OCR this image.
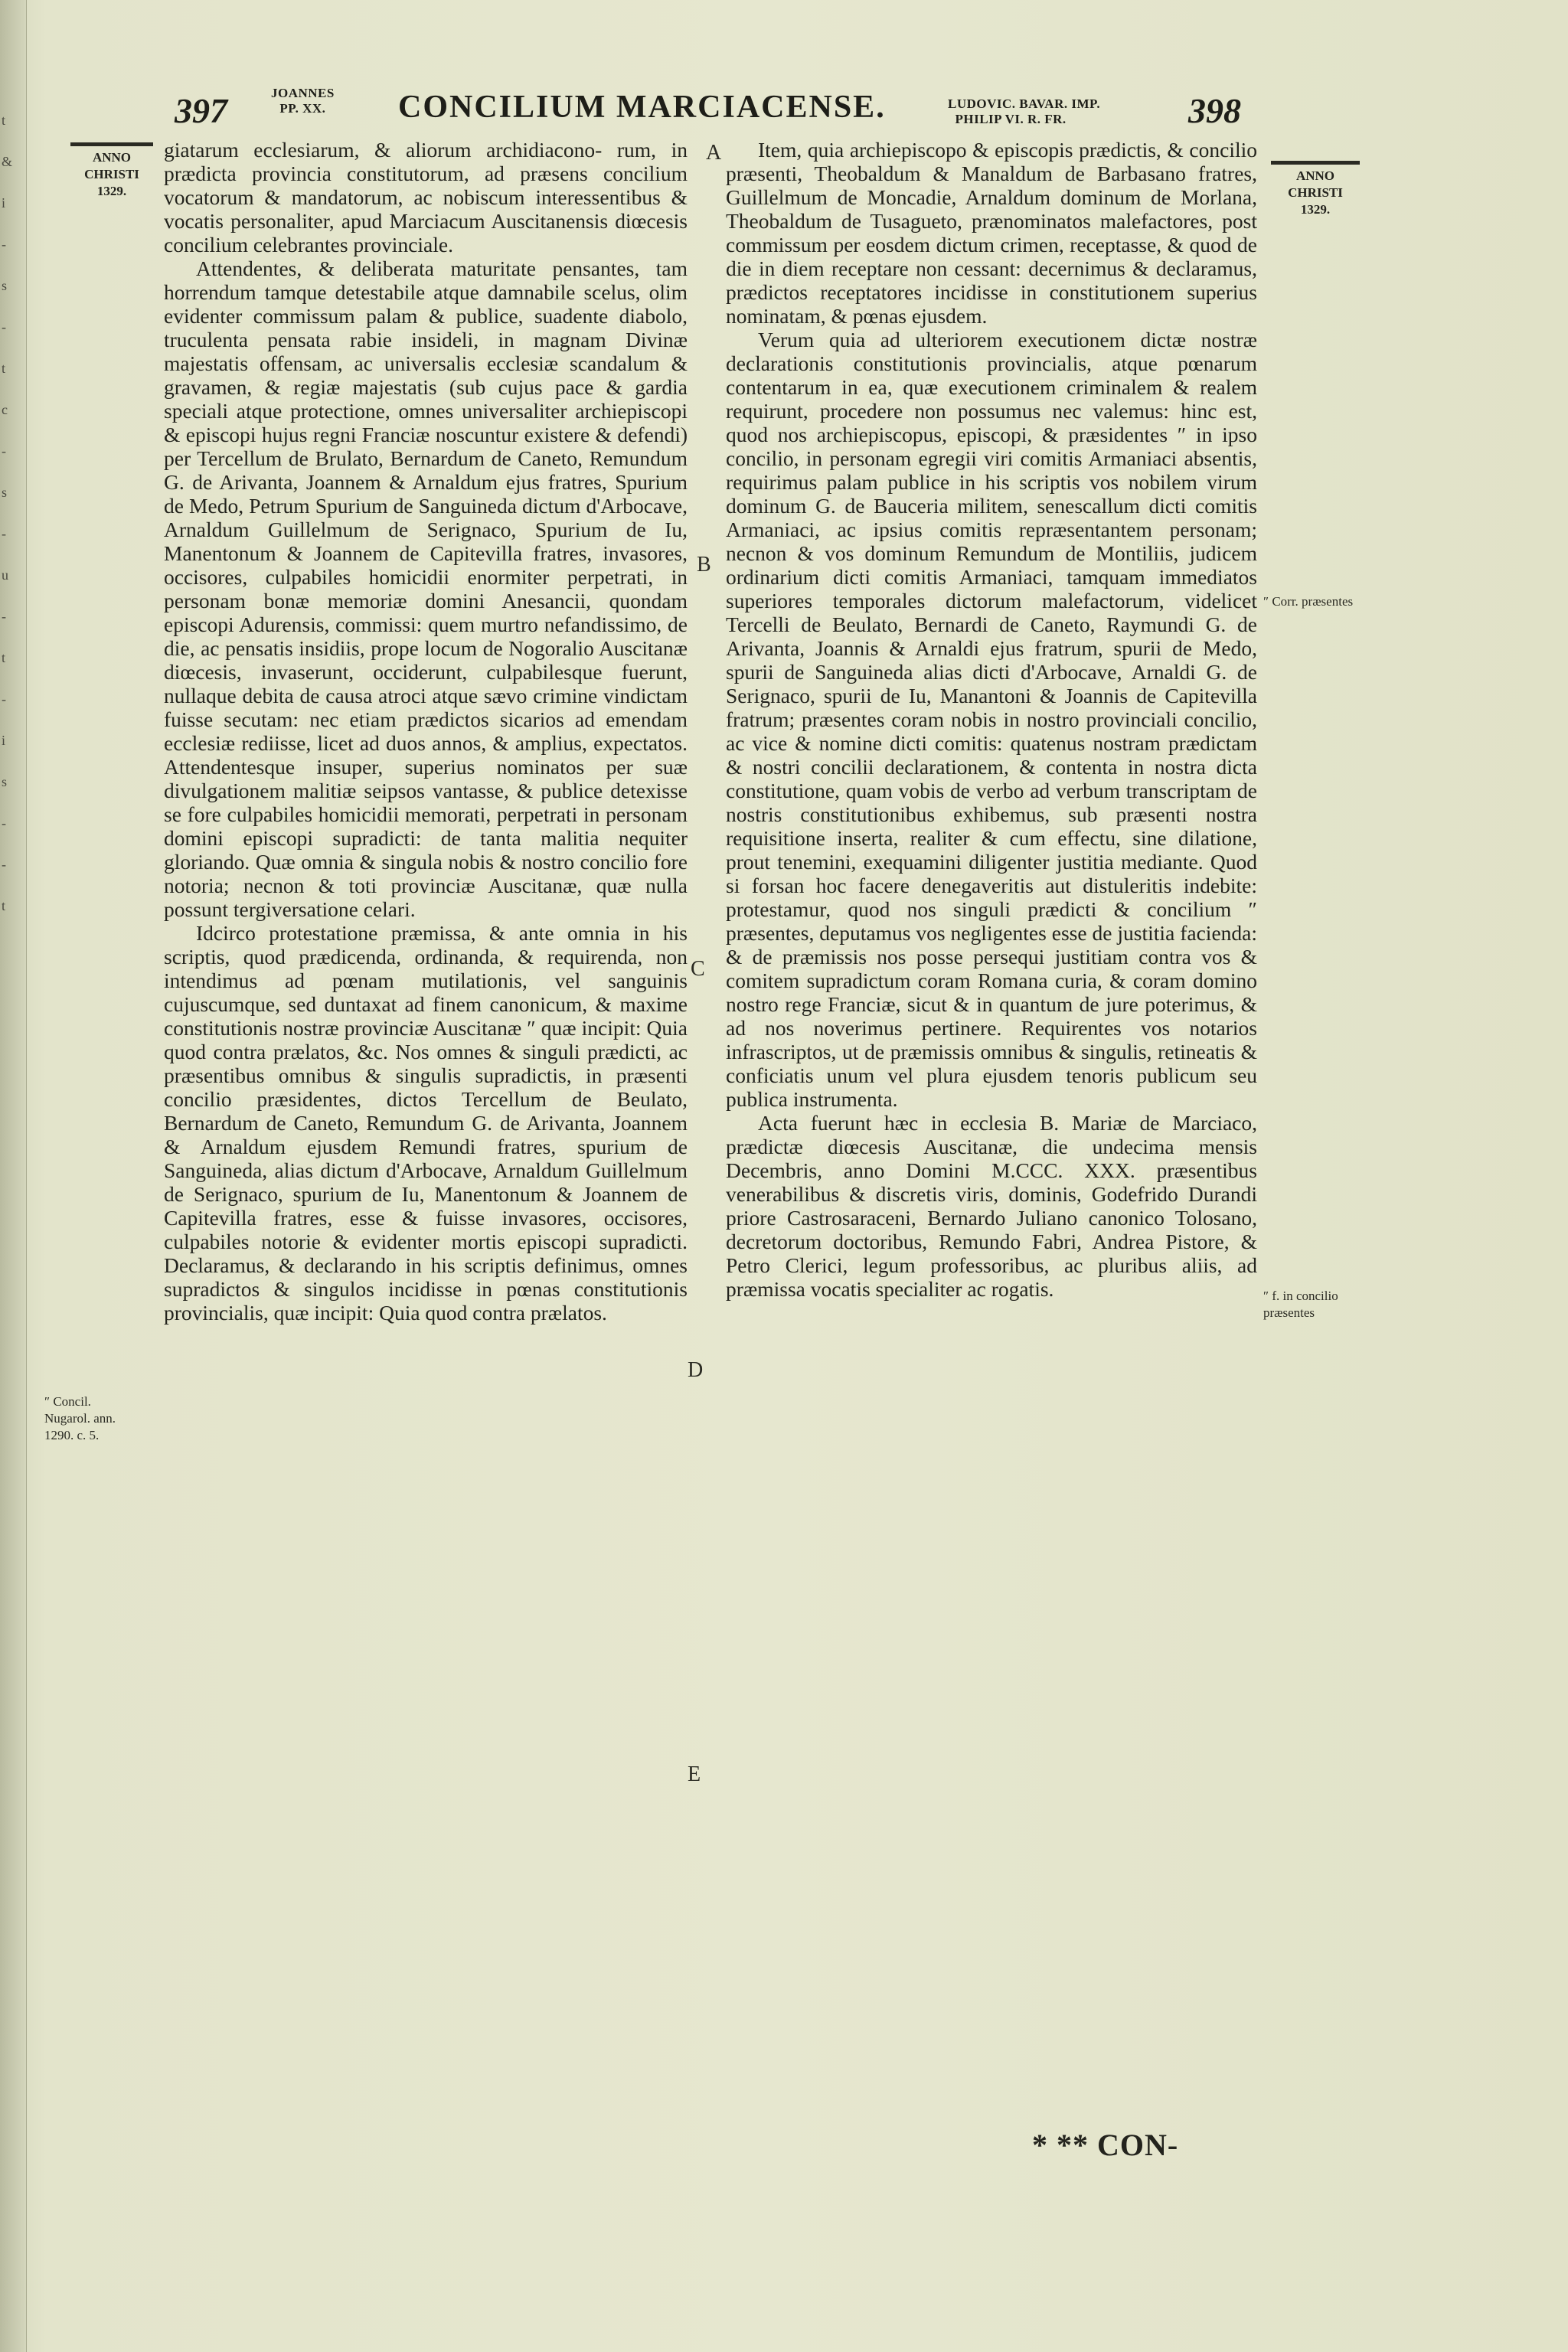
t
&
i
-
s
-
t
c
-
s
-
u
-
t
-
i
s
-
-
t
397	JOANNES
PP. XX. CONCILIUM MARCIACENSE.	LUDOVIC. BAVAR. IMP.
PHILIP VI. R. FR.	398
ANNO
CHRISTI
1329.
ANNO
CHRISTI
1329.

giatarum ecclesiarum, & aliorum archidiacono- rum, in prædicta provincia constitutorum, ad præsens concilium vocatorum & mandatorum, ac nobiscum interessentibus & vocatis personaliter, apud Marciacum Auscitanensis diœcesis concilium celebrantes provinciale.

Attendentes, & deliberata maturitate pensantes, tam horrendum tamque detestabile atque damnabile scelus, olim evidenter commissum palam & publice, suadente diabolo, truculenta pensata rabie insideli, in magnam Divinæ majestatis offensam, ac universalis ecclesiæ scandalum & gravamen, & regiæ majestatis (sub cujus pace & gardia speciali atque protectione, omnes universaliter archiepiscopi & episcopi hujus regni Franciæ noscuntur existere & defendi) per Tercellum de Brulato, Bernardum de Caneto, Remundum G. de Arivanta, Joannem & Arnaldum ejus fratres, Spurium de Medo, Petrum Spurium de Sanguineda dictum d'Arbocave, Arnaldum Guillelmum de Serignaco, Spurium de Iu, Manentonum & Joannem de Capitevilla fratres, invasores, occisores, culpabiles homicidii enormiter perpetrati, in personam bonæ memoriæ domini Anesancii, quondam episcopi Adurensis, commissi: quem murtro nefandissimo, de die, ac pensatis insidiis, prope locum de Nogoralio Auscitanæ diœcesis, invaserunt, occiderunt, culpabilesque fuerunt, nullaque debita de causa atroci atque sævo crimine vindictam fuisse secutam: nec etiam prædictos sicarios ad emendam ecclesiæ rediisse, licet ad duos annos, & amplius, expectatos. Attendentesque insuper, superius nominatos per suæ divulgationem malitiæ seipsos vantasse, & publice detexisse se fore culpabiles homicidii memorati, perpetrati in personam domini episcopi supradicti: de tanta malitia nequiter gloriando. Quæ omnia & singula nobis & nostro concilio fore notoria; necnon & toti provinciæ Auscitanæ, quæ nulla possunt tergiversatione celari.

Idcirco protestatione præmissa, & ante omnia in his scriptis, quod prædicenda, ordinanda, & requirenda, non intendimus ad pœnam mutilationis, vel sanguinis cujuscumque, sed duntaxat ad finem canonicum, & maxime constitutionis nostræ provinciæ Auscitanæ ″ quæ incipit: Quia quod contra prælatos, &c. Nos omnes & singuli prædicti, ac præsentibus omnibus & singulis supradictis, in præsenti concilio præsidentes, dictos Tercellum de Beulato, Bernardum de Caneto, Remundum G. de Arivanta, Joannem & Arnaldum ejusdem Remundi fratres, spurium de Sanguineda, alias dictum d'Arbocave, Arnaldum Guillelmum de Serignaco, spurium de Iu, Manentonum & Joannem de Capitevilla fratres, esse & fuisse invasores, occisores, culpabiles notorie & evidenter mortis episcopi supradicti. Declaramus, & declarando in his scriptis definimus, omnes supradictos & singulos incidisse in pœnas constitutionis provincialis, quæ incipit: Quia quod contra prælatos.

A
B
C
D
E

Item, quia archiepiscopo & episcopis prædictis, & concilio præsenti, Theobaldum & Manaldum de Barbasano fratres, Guillelmum de Moncadie, Arnaldum dominum de Morlana, Theobaldum de Tusagueto, prænominatos malefactores, post commissum per eosdem dictum crimen, receptasse, & quod de die in diem receptare non cessant: decernimus & declaramus, prædictos receptatores incidisse in constitutionem superius nominatam, & pœnas ejusdem.

Verum quia ad ulteriorem executionem dictæ nostræ declarationis constitutionis provincialis, atque pœnarum contentarum in ea, quæ executionem criminalem & realem requirunt, procedere non possumus nec valemus: hinc est, quod nos archiepiscopus, episcopi, & præsidentes ″ in ipso concilio, in personam egregii viri comitis Armaniaci absentis, requirimus palam publice in his scriptis vos nobilem virum dominum G. de Bauceria militem, senescallum dicti comitis Armaniaci, ac ipsius comitis repræsentantem personam; necnon & vos dominum Remundum de Montiliis, judicem ordinarium dicti comitis Armaniaci, tamquam immediatos superiores temporales dictorum malefactorum, videlicet Tercelli de Beulato, Bernardi de Caneto, Raymundi G. de Arivanta, Joannis & Arnaldi ejus fratrum, spurii de Medo, spurii de Sanguineda alias dicti d'Arbocave, Arnaldi G. de Serignaco, spurii de Iu, Manantoni & Joannis de Capitevilla fratrum; præsentes coram nobis in nostro provinciali concilio, ac vice & nomine dicti comitis: quatenus nostram prædictam & nostri concilii declarationem, & contenta in nostra dicta constitutione, quam vobis de verbo ad verbum transcriptam de nostris constitutionibus exhibemus, sub præsenti nostra requisitione inserta, realiter & cum effectu, sine dilatione, prout tenemini, exequamini diligenter justitia mediante. Quod si forsan hoc facere denegaveritis aut distuleritis indebite: protestamur, quod nos singuli prædicti & concilium ″ præsentes, deputamus vos negligentes esse de justitia facienda: & de præmissis nos posse persequi justitiam contra vos & comitem supradictum coram Romana curia, & coram domino nostro rege Franciæ, sicut & in quantum de jure poterimus, & ad nos noverimus pertinere. Requirentes vos notarios infrascriptos, ut de præmissis omnibus & singulis, retineatis & conficiatis unum vel plura ejusdem tenoris publicum seu publica instrumenta.

Acta fuerunt hæc in ecclesia B. Mariæ de Marciaco, prædictæ diœcesis Auscitanæ, die undecima mensis Decembris, anno Domini M.CCC. XXX. præsentibus venerabilibus & discretis viris, dominis, Godefrido Durandi priore Castrosaraceni, Bernardo Juliano canonico Tolosano, decretorum doctoribus, Remundo Fabri, Andrea Pistore, & Petro Clerici, legum professoribus, ac pluribus aliis, ad præmissa vocatis specialiter ac rogatis.

″ Concil. Nugarol. ann. 1290. c. 5.
″ Corr. præsentes
″ f. in concilio præsentes
* ** CON-
